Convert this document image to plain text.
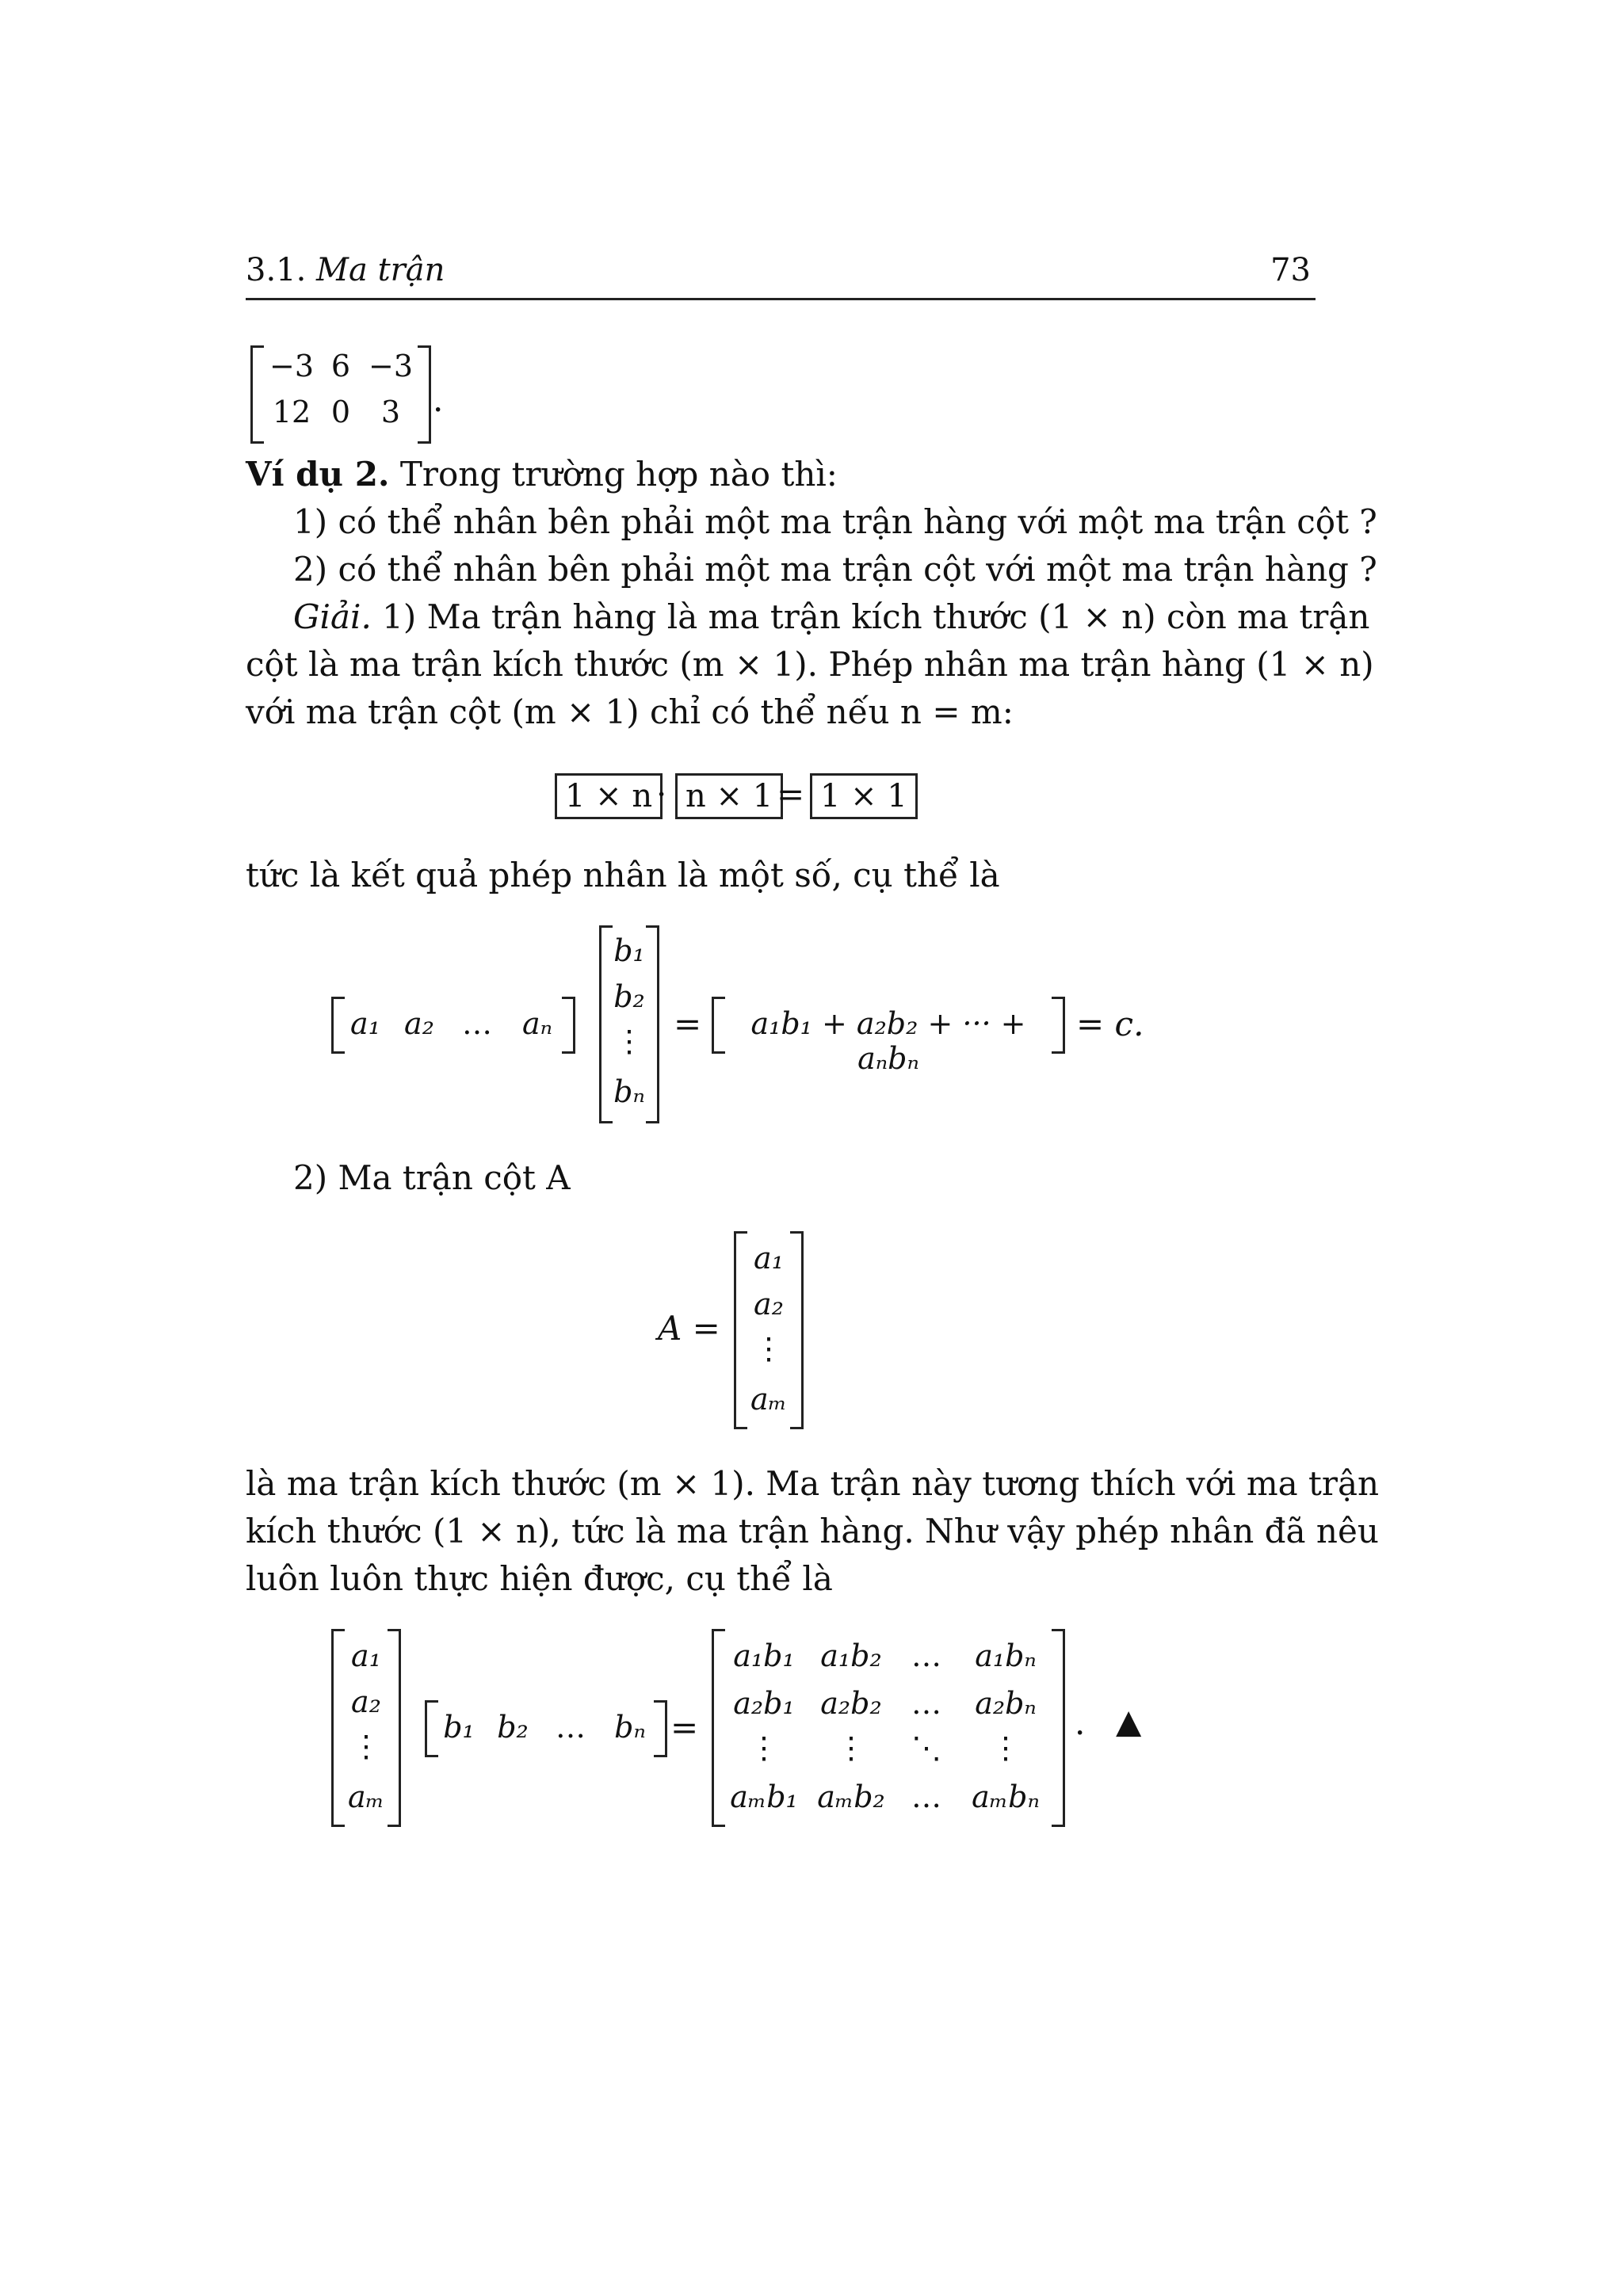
3.1. Ma trận	73
−3 6 −3
12 0	3 .
Ví dụ 2. Trong trường hợp nào thì:
1) có thể nhân bên phải một ma trận hàng với một ma trận cột ?
2) có thể nhân bên phải một ma trận cột với một ma trận hàng ?
Giải. 1) Ma trận hàng là ma trận kích thước (1 × n) còn ma trận
cột là ma trận kích thước (m × 1). Phép nhân ma trận hàng (1 × n)
với ma trận cột (m × 1) chỉ có thể nếu n = m:
1 × n · n × 1 = 1 × 1
tức là kết quả phép nhân là một số, cụ thể là
a₁ a₂ … aₙ
b₁
b₂
⋮
bₙ
=	a₁b₁ + a₂b₂ + ··· + aₙbₙ
= c.
2) Ma trận cột A
A =
a₁
a₂
⋮
aₘ
là ma trận kích thước (m × 1). Ma trận này tương thích với ma trận
kích thước (1 × n), tức là ma trận hàng. Như vậy phép nhân đã nêu
luôn luôn thực hiện được, cụ thể là
a₁
a₂
⋮
aₘ
b₁ b₂ … bₙ =
a₁b₁ a₁b₂ …	a₁bₙ
a₂b₁ a₂b₂ …	a₂bₙ
⋮	⋮	⋱	⋮
aₘb₁ aₘb₂ …	aₘbₙ
. ▲
